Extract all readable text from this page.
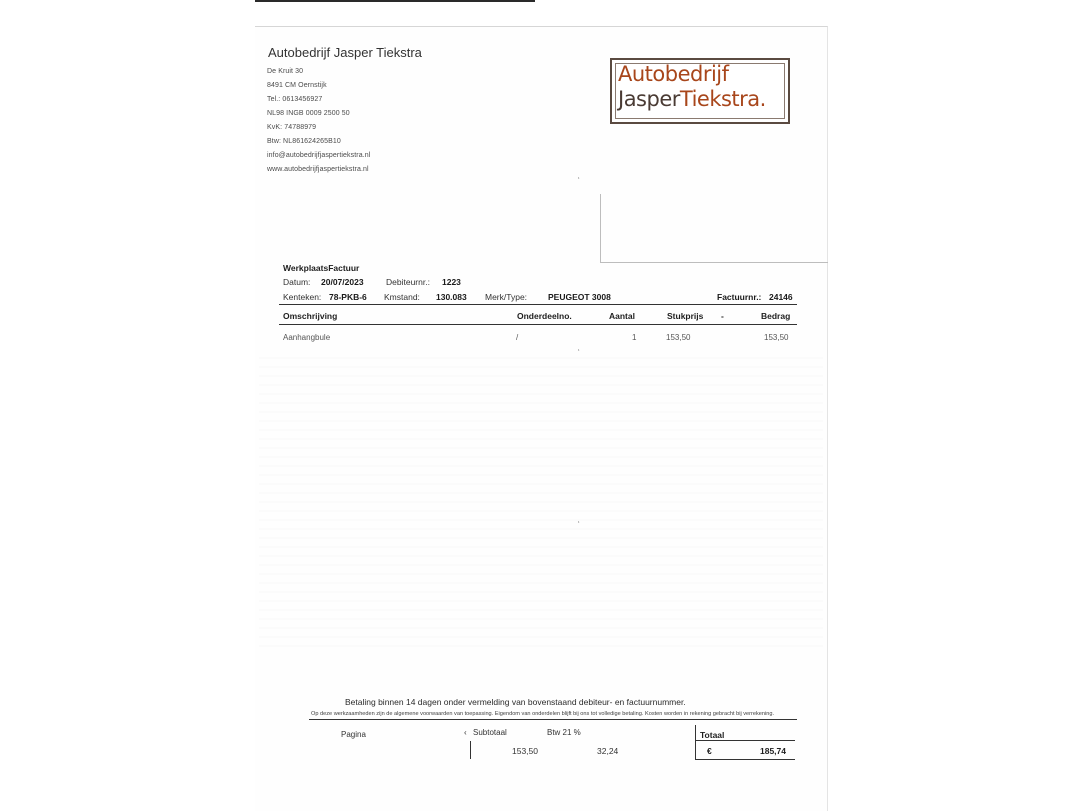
Autobedrijf Jasper Tiekstra
De Kruit 30
8491 CM Oernstijk
Tel.: 0613456927
NL98 INGB 0009 2500 50
KvK: 74788979
Btw: NL861624265B10
info@autobedrijfjaspertiekstra.nl
www.autobedrijfjaspertiekstra.nl
Autobedrijf
JasperTiekstra.
‘
‘
‘
WerkplaatsFactuur
Datum: 20/07/2023	Debiteurnr.: 1223
Kenteken: 78-PKB-6 Kmstand: 130.083 Merk/Type: PEUGEOT 3008	Factuurnr.: 24146
Omschrijving	Onderdeelno.	Aantal	Stukprijs -	Bedrag
Aanhangbule	/	1	153,50	153,50
Betaling binnen 14 dagen onder vermelding van bovenstaand debiteur- en factuurnummer.
Op deze werkzaamheden zijn de algemene voorwaarden van toepassing. Eigendom van onderdelen blijft bij ons tot volledige betaling. Kosten worden in rekening gebracht bij verrekening.
Pagina	‹ Subtotaal	Btw 21 %	Totaal
153,50	32,24	€	185,74
